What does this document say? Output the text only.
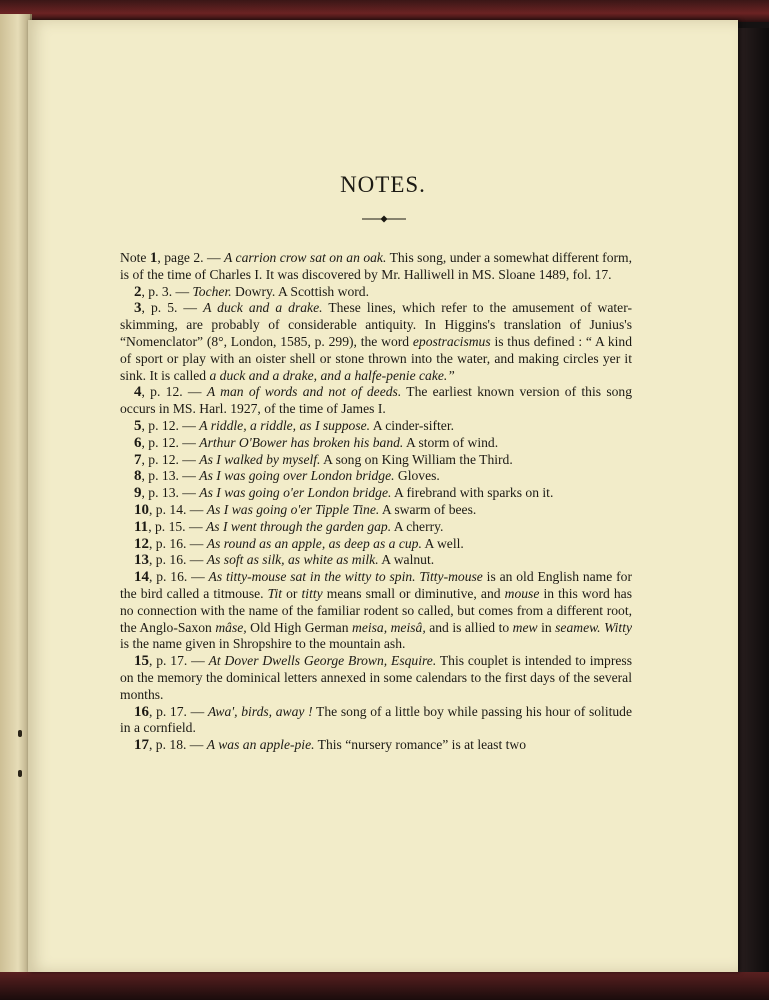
NOTES.

Note 1, page 2. — A carrion crow sat on an oak. This song, under a somewhat different form, is of the time of Charles I. It was discovered by Mr. Halliwell in MS. Sloane 1489, fol. 17.

2, p. 3. — Tocher. Dowry. A Scottish word.

3, p. 5. — A duck and a drake. These lines, which refer to the amusement of water-skimming, are probably of considerable antiquity. In Higgins's translation of Junius's “Nomenclator” (8°, London, 1585, p. 299), the word epostracismus is thus defined : “ A kind of sport or play with an oister shell or stone thrown into the water, and making circles yer it sink. It is called a duck and a drake, and a halfe-penie cake.”

4, p. 12. — A man of words and not of deeds. The earliest known version of this song occurs in MS. Harl. 1927, of the time of James I.

5, p. 12. — A riddle, a riddle, as I suppose. A cinder-sifter.

6, p. 12. — Arthur O'Bower has broken his band. A storm of wind.

7, p. 12. — As I walked by myself. A song on King William the Third.

8, p. 13. — As I was going over London bridge. Gloves.

9, p. 13. — As I was going o'er London bridge. A firebrand with sparks on it.

10, p. 14. — As I was going o'er Tipple Tine. A swarm of bees.

11, p. 15. — As I went through the garden gap. A cherry.

12, p. 16. — As round as an apple, as deep as a cup. A well.

13, p. 16. — As soft as silk, as white as milk. A walnut.

14, p. 16. — As titty-mouse sat in the witty to spin. Titty-mouse is an old English name for the bird called a titmouse. Tit or titty means small or diminutive, and mouse in this word has no connection with the name of the familiar rodent so called, but comes from a different root, the Anglo-Saxon mâse, Old High German meisa, meisâ, and is allied to mew in seamew. Witty is the name given in Shropshire to the mountain ash.

15, p. 17. — At Dover Dwells George Brown, Esquire. This couplet is intended to impress on the memory the dominical letters annexed in some calendars to the first days of the several months.

16, p. 17. — Awa', birds, away ! The song of a little boy while passing his hour of solitude in a cornfield.

17, p. 18. — A was an apple-pie. This “nursery romance” is at least two
